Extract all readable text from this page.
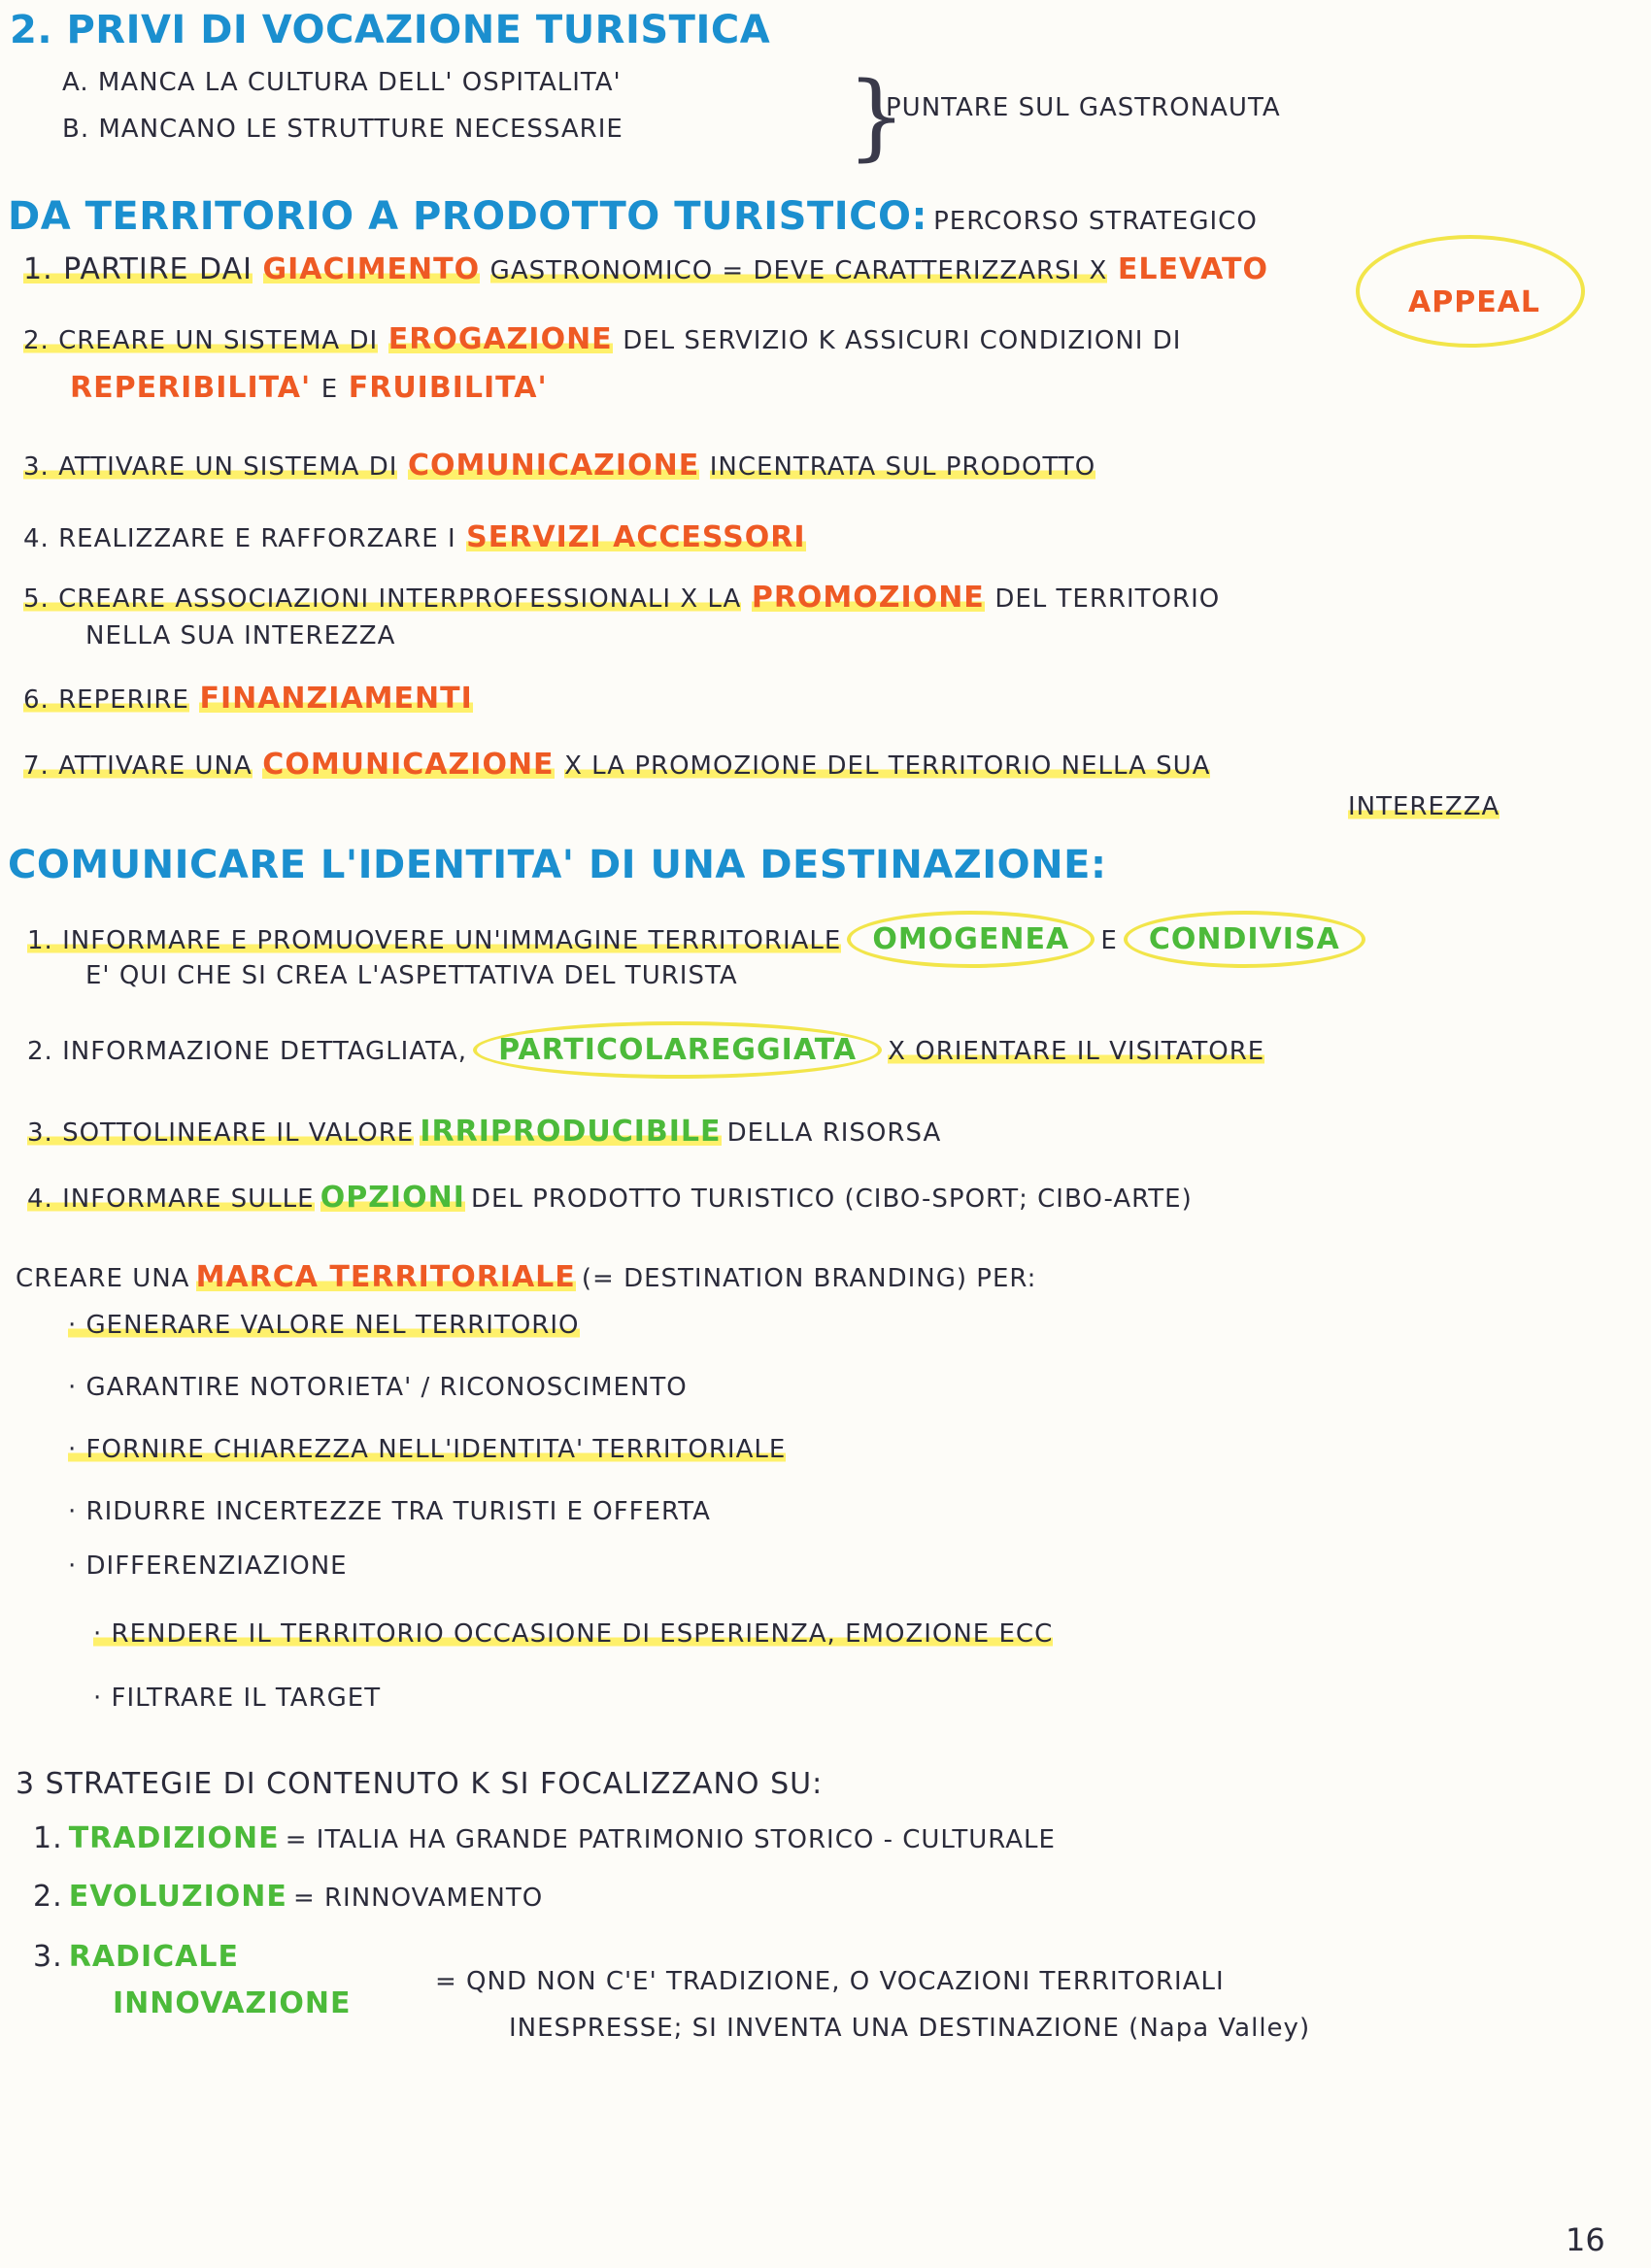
2. PRIVI DI VOCAZIONE TURISTICA
A. MANCA LA CULTURA DELL' OSPITALITA'
B. MANCANO LE STRUTTURE NECESSARIE }
PUNTARE SUL GASTRONAUTA
DA TERRITORIO A PRODOTTO TURISTICO: PERCORSO STRATEGICO
1. PARTIRE DAI GIACIMENTO GASTRONOMICO = DEVE CARATTERIZZARSI X ELEVATO
APPEAL
2. CREARE UN SISTEMA DI EROGAZIONE DEL SERVIZIO K ASSICURI CONDIZIONI DI
REPERIBILITA' E FRUIBILITA'
3. ATTIVARE UN SISTEMA DI COMUNICAZIONE INCENTRATA SUL PRODOTTO
4. REALIZZARE E RAFFORZARE I SERVIZI ACCESSORI
5. CREARE ASSOCIAZIONI INTERPROFESSIONALI X LA PROMOZIONE DEL TERRITORIO
NELLA SUA INTEREZZA
6. REPERIRE FINANZIAMENTI
7. ATTIVARE UNA COMUNICAZIONE X LA PROMOZIONE DEL TERRITORIO NELLA SUA
INTEREZZA
COMUNICARE L'IDENTITA' DI UNA DESTINAZIONE:
1. INFORMARE E PROMUOVERE UN'IMMAGINE TERRITORIALE OMOGENEA E CONDIVISA
E' QUI CHE SI CREA L'ASPETTATIVA DEL TURISTA
2. INFORMAZIONE DETTAGLIATA, PARTICOLAREGGIATA X ORIENTARE IL VISITATORE
3. SOTTOLINEARE IL VALORE IRRIPRODUCIBILE DELLA RISORSA
4. INFORMARE SULLE OPZIONI DEL PRODOTTO TURISTICO (CIBO-SPORT; CIBO-ARTE)
CREARE UNA MARCA TERRITORIALE (= DESTINATION BRANDING) PER:
· GENERARE VALORE NEL TERRITORIO
· GARANTIRE NOTORIETA' / RICONOSCIMENTO
· FORNIRE CHIAREZZA NELL'IDENTITA' TERRITORIALE
· RIDURRE INCERTEZZE TRA TURISTI E OFFERTA
· DIFFERENZIAZIONE
· RENDERE IL TERRITORIO OCCASIONE DI ESPERIENZA, EMOZIONE ECC
· FILTRARE IL TARGET
3 STRATEGIE DI CONTENUTO K SI FOCALIZZANO SU:
1. TRADIZIONE = ITALIA HA GRANDE PATRIMONIO STORICO - CULTURALE
2. EVOLUZIONE = RINNOVAMENTO
3. RADICALE
INNOVAZIONE
= QND NON C'E' TRADIZIONE, O VOCAZIONI TERRITORIALI
INESPRESSE; SI INVENTA UNA DESTINAZIONE (Napa Valley)
16
